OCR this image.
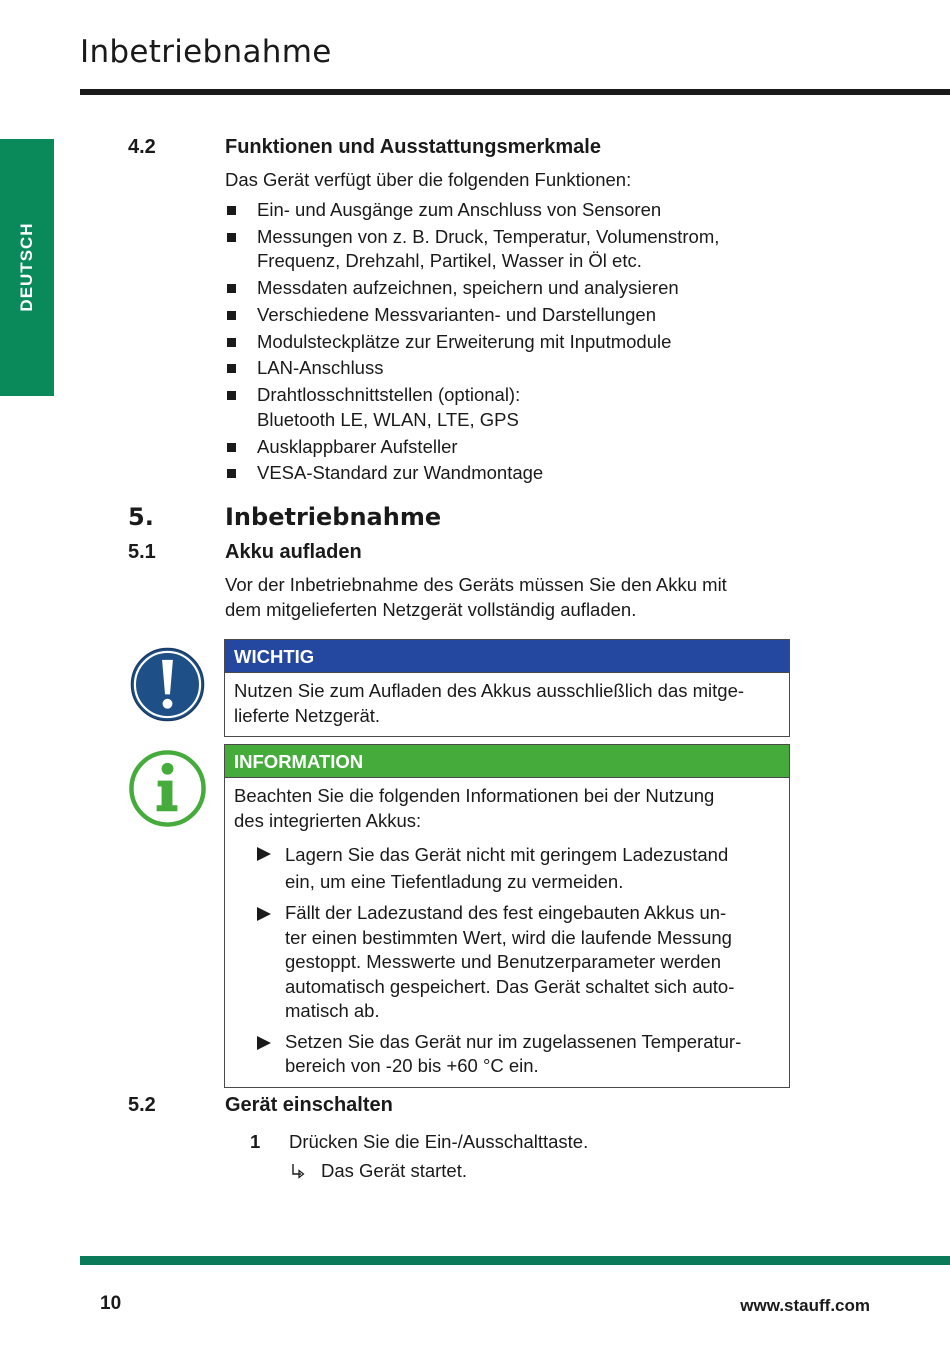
Inbetriebnahme
DEUTSCH
4.2	Funktionen und Ausstattungsmerkmale
Das Gerät verfügt über die folgenden Funktionen:
Ein- und Ausgänge zum Anschluss von Sensoren
Messungen von z. B. Druck, Temperatur, Volumenstrom,
Frequenz, Drehzahl, Partikel, Wasser in Öl etc.
Messdaten aufzeichnen, speichern und analysieren
Verschiedene Messvarianten- und Darstellungen
Modulsteckplätze zur Erweiterung mit Inputmodule
LAN-Anschluss
Drahtlosschnittstellen (optional):
Bluetooth LE, WLAN, LTE, GPS
Ausklappbarer Aufsteller
VESA-Standard zur Wandmontage
5.	Inbetriebnahme
5.1	Akku aufladen
Vor der Inbetriebnahme des Geräts müssen Sie den Akku mit
dem mitgelieferten Netzgerät vollständig aufladen.
WICHTIG
Nutzen Sie zum Aufladen des Akkus ausschließlich das mitge-
lieferte Netzgerät.
INFORMATION
Beachten Sie die folgenden Informationen bei der Nutzung
des integrierten Akkus:
Lagern Sie das Gerät nicht mit geringem Ladezustand
ein, um eine Tiefentladung zu vermeiden.
Fällt der Ladezustand des fest eingebauten Akkus un-
ter einen bestimmten Wert, wird die laufende Messung
gestoppt. Messwerte und Benutzerparameter werden
automatisch gespeichert. Das Gerät schaltet sich auto-
matisch ab.
Setzen Sie das Gerät nur im zugelassenen Temperatur-
bereich von -20 bis +60 °C ein.
5.2	Gerät einschalten
1 Drücken Sie die Ein-/Ausschalttaste.
Das Gerät startet.
10	www.stauff.com
